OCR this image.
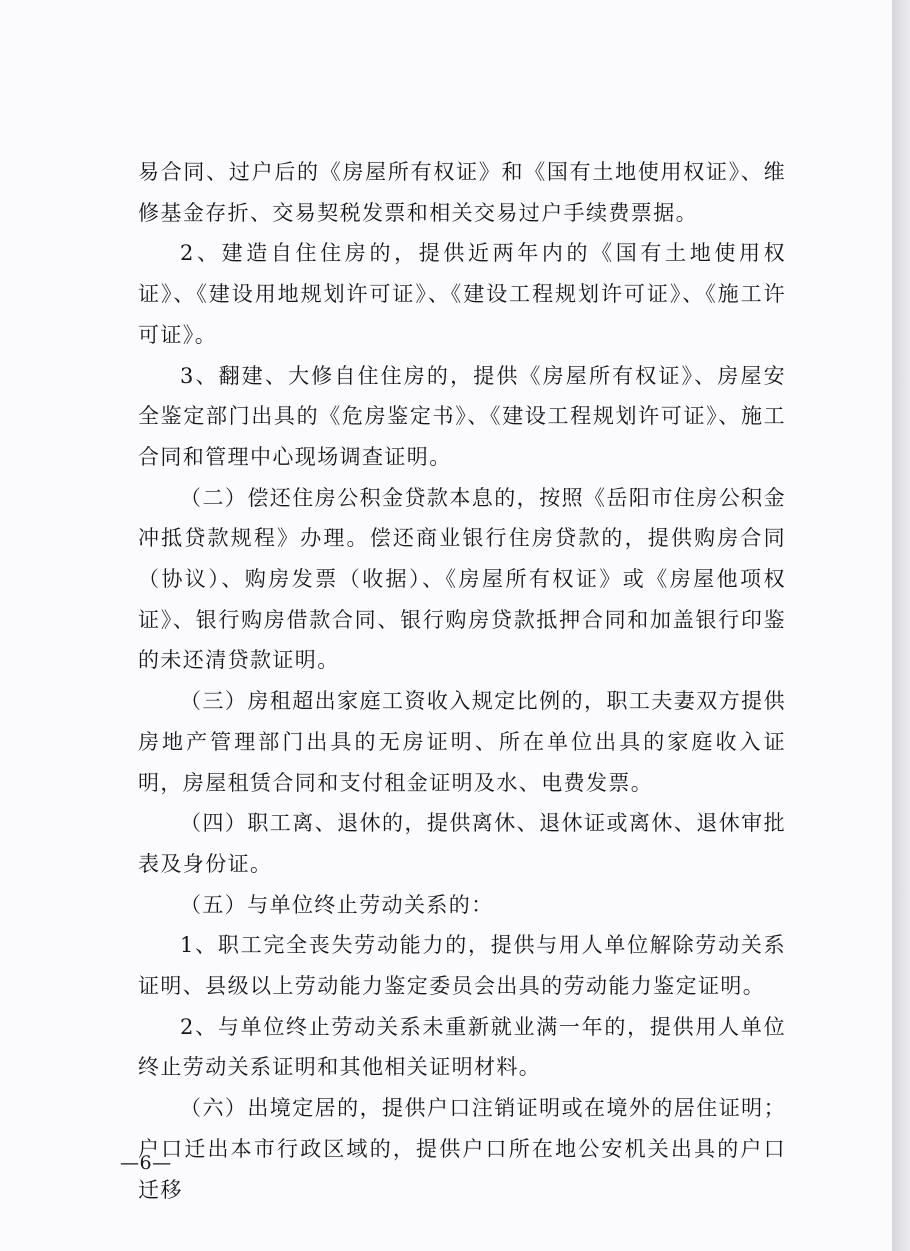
易合同、过户后的《房屋所有权证》和《国有土地使用权证》、维修基金存折、交易契税发票和相关交易过户手续费票据。

2、建造自住住房的，提供近两年内的《国有土地使用权证》、《建设用地规划许可证》、《建设工程规划许可证》、《施工许可证》。

3、翻建、大修自住住房的，提供《房屋所有权证》、房屋安全鉴定部门出具的《危房鉴定书》、《建设工程规划许可证》、施工合同和管理中心现场调查证明。

（二）偿还住房公积金贷款本息的，按照《岳阳市住房公积金冲抵贷款规程》办理。偿还商业银行住房贷款的，提供购房合同（协议）、购房发票（收据）、《房屋所有权证》或《房屋他项权证》、银行购房借款合同、银行购房贷款抵押合同和加盖银行印鉴的未还清贷款证明。

（三）房租超出家庭工资收入规定比例的，职工夫妻双方提供房地产管理部门出具的无房证明、所在单位出具的家庭收入证明，房屋租赁合同和支付租金证明及水、电费发票。

（四）职工离、退休的，提供离休、退休证或离休、退休审批表及身份证。

（五）与单位终止劳动关系的：

1、职工完全丧失劳动能力的，提供与用人单位解除劳动关系证明、县级以上劳动能力鉴定委员会出具的劳动能力鉴定证明。

2、与单位终止劳动关系未重新就业满一年的，提供用人单位终止劳动关系证明和其他相关证明材料。

（六）出境定居的，提供户口注销证明或在境外的居住证明；户口迁出本市行政区域的，提供户口所在地公安机关出具的户口迁移

—6—
